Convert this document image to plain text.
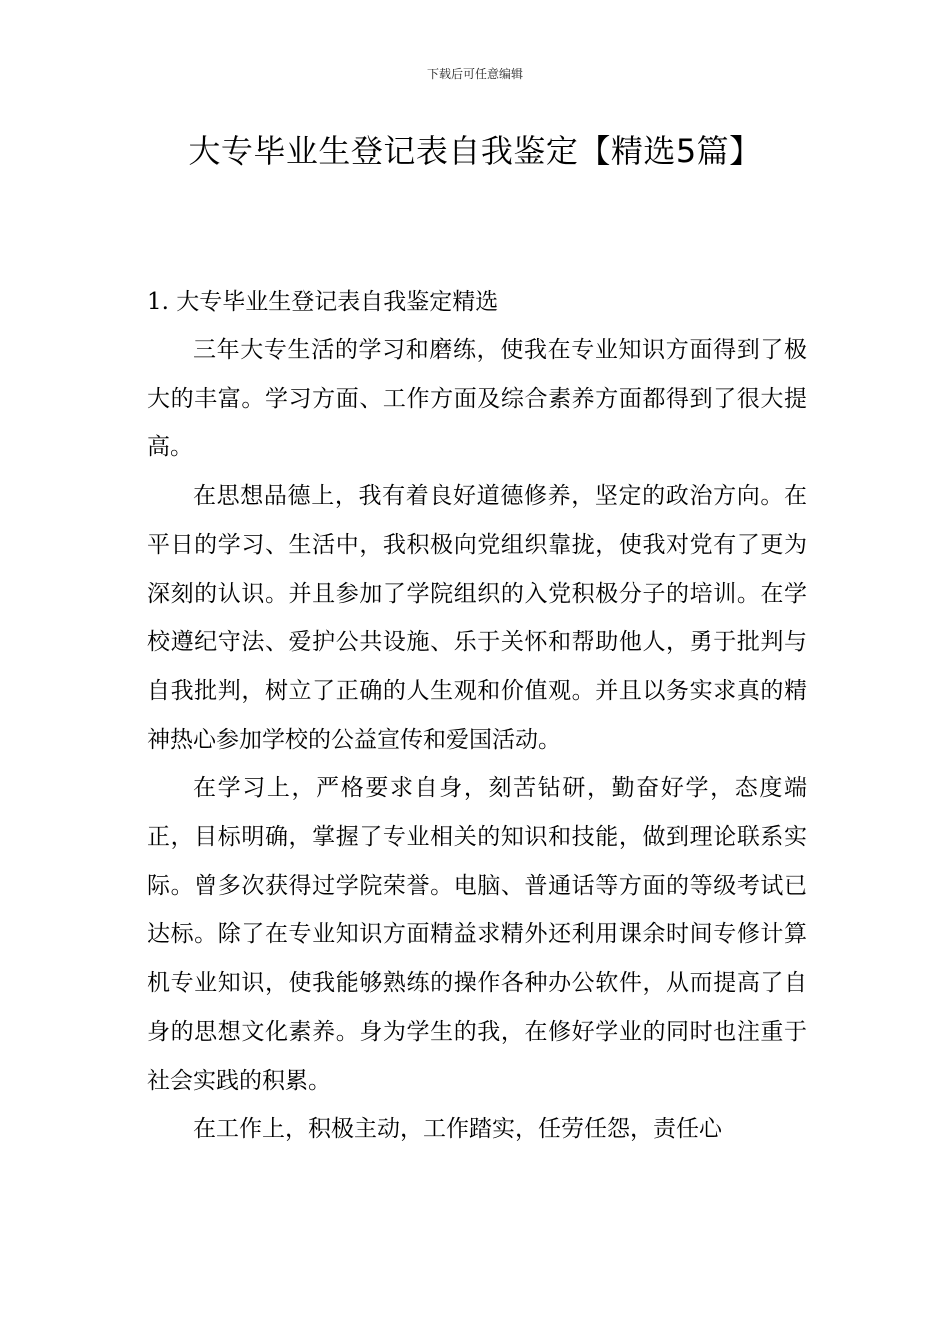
下载后可任意编辑
大专毕业生登记表自我鉴定【精选5篇】
1. 大专毕业生登记表自我鉴定精选

三年大专生活的学习和磨练，使我在专业知识方面得到了极大的丰富。学习方面、工作方面及综合素养方面都得到了很大提高。

在思想品德上，我有着良好道德修养，坚定的政治方向。在平日的学习、生活中，我积极向党组织靠拢，使我对党有了更为深刻的认识。并且参加了学院组织的入党积极分子的培训。在学校遵纪守法、爱护公共设施、乐于关怀和帮助他人，勇于批判与自我批判，树立了正确的人生观和价值观。并且以务实求真的精神热心参加学校的公益宣传和爱国活动。

在学习上，严格要求自身，刻苦钻研，勤奋好学，态度端正，目标明确，掌握了专业相关的知识和技能，做到理论联系实际。曾多次获得过学院荣誉。电脑、普通话等方面的等级考试已达标。除了在专业知识方面精益求精外还利用课余时间专修计算机专业知识，使我能够熟练的操作各种办公软件，从而提高了自身的思想文化素养。身为学生的我，在修好学业的同时也注重于社会实践的积累。

在工作上，积极主动，工作踏实，任劳任怨，责任心
